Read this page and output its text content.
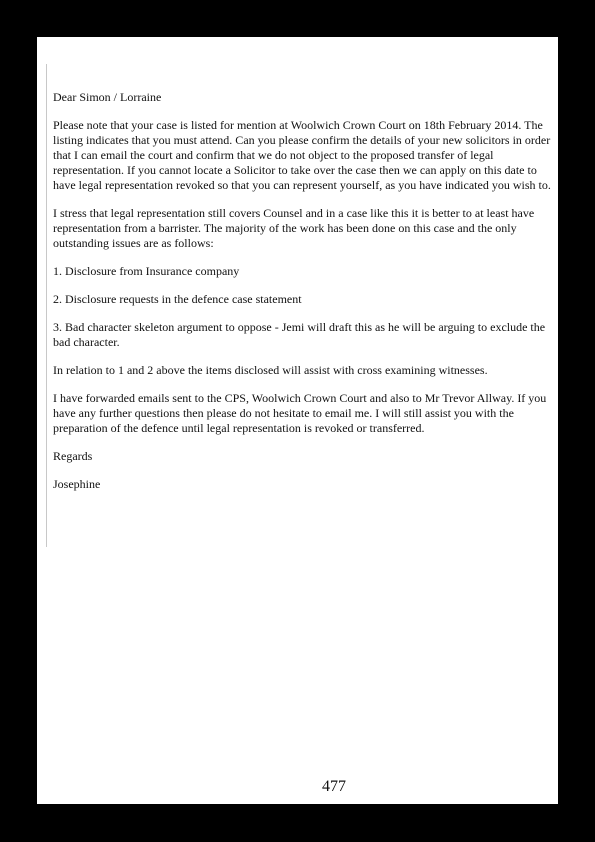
Dear Simon / Lorraine

Please note that your case is listed for mention at Woolwich Crown Court on 18th February 2014. The listing indicates that you must attend. Can you please confirm the details of your new solicitors in order that I can email the court and confirm that we do not object to the proposed transfer of legal representation. If you cannot locate a Solicitor to take over the case then we can apply on this date to have legal representation revoked so that you can represent yourself, as you have indicated you wish to.

I stress that legal representation still covers Counsel and in a case like this it is better to at least have representation from a barrister. The majority of the work has been done on this case and the only outstanding issues are as follows:

1. Disclosure from Insurance company

2. Disclosure requests in the defence case statement

3. Bad character skeleton argument to oppose - Jemi will draft this as he will be arguing to exclude the bad character.

In relation to 1 and 2 above the items disclosed will assist with cross examining witnesses.

I have forwarded emails sent to the CPS, Woolwich Crown Court and also to Mr Trevor Allway. If you have any further questions then please do not hesitate to email me. I will still assist you with the preparation of the defence until legal representation is revoked or transferred.

Regards

Josephine

477
